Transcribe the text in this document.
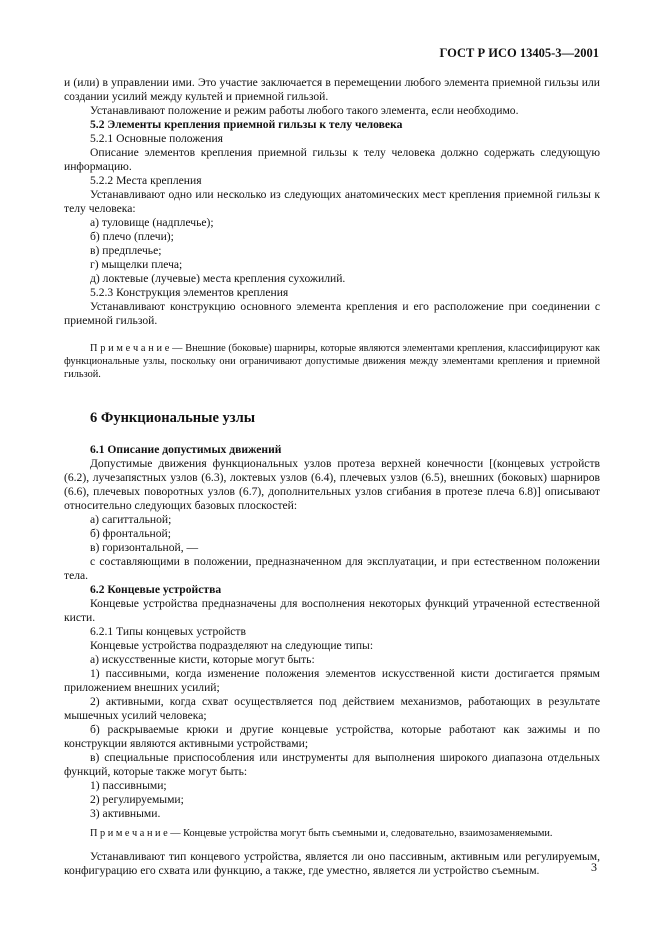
ГОСТ Р ИСО 13405-3—2001

и (или) в управлении ими. Это участие заключается в перемещении любого элемента приемной гильзы или создании усилий между культей и приемной гильзой.

Устанавливают положение и режим работы любого такого элемента, если необходимо.

5.2 Элементы крепления приемной гильзы к телу человека

5.2.1 Основные положения

Описание элементов крепления приемной гильзы к телу человека должно содержать следующую информацию.

5.2.2 Места крепления

Устанавливают одно или несколько из следующих анатомических мест крепления приемной гильзы к телу человека:

а) туловище (надплечье);

б) плечо (плечи);

в) предплечье;

г) мыщелки плеча;

д) локтевые (лучевые) места крепления сухожилий.

5.2.3 Конструкция элементов крепления

Устанавливают конструкцию основного элемента крепления и его расположение при соединении с приемной гильзой.

П р и м е ч а н и е — Внешние (боковые) шарниры, которые являются элементами крепления, классифицируют как функциональные узлы, поскольку они ограничивают допустимые движения между элементами крепления и приемной гильзой.

6 Функциональные узлы

6.1 Описание допустимых движений

Допустимые движения функциональных узлов протеза верхней конечности [(концевых устройств (6.2), лучезапястных узлов (6.3), локтевых узлов (6.4), плечевых узлов (6.5), внешних (боковых) шарниров (6.6), плечевых поворотных узлов (6.7), дополнительных узлов сгибания в протезе плеча 6.8)] описывают относительно следующих базовых плоскостей:

а) сагиттальной;

б) фронтальной;

в) горизонтальной, —

с составляющими в положении, предназначенном для эксплуатации, и при естественном положении тела.

6.2 Концевые устройства

Концевые устройства предназначены для восполнения некоторых функций утраченной естественной кисти.

6.2.1 Типы концевых устройств

Концевые устройства подразделяют на следующие типы:

а) искусственные кисти, которые могут быть:

1) пассивными, когда изменение положения элементов искусственной кисти достигается прямым приложением внешних усилий;

2) активными, когда схват осуществляется под действием механизмов, работающих в результате мышечных усилий человека;

б) раскрываемые крюки и другие концевые устройства, которые работают как зажимы и по конструкции являются активными устройствами;

в) специальные приспособления или инструменты для выполнения широкого диапазона отдельных функций, которые также могут быть:

1) пассивными;

2) регулируемыми;

3) активными.

П р и м е ч а н и е — Концевые устройства могут быть съемными и, следовательно, взаимозаменяемыми.

Устанавливают тип концевого устройства, является ли оно пассивным, активным или регулируемым, конфигурацию его схвата или функцию, а также, где уместно, является ли устройство съемным.	3
